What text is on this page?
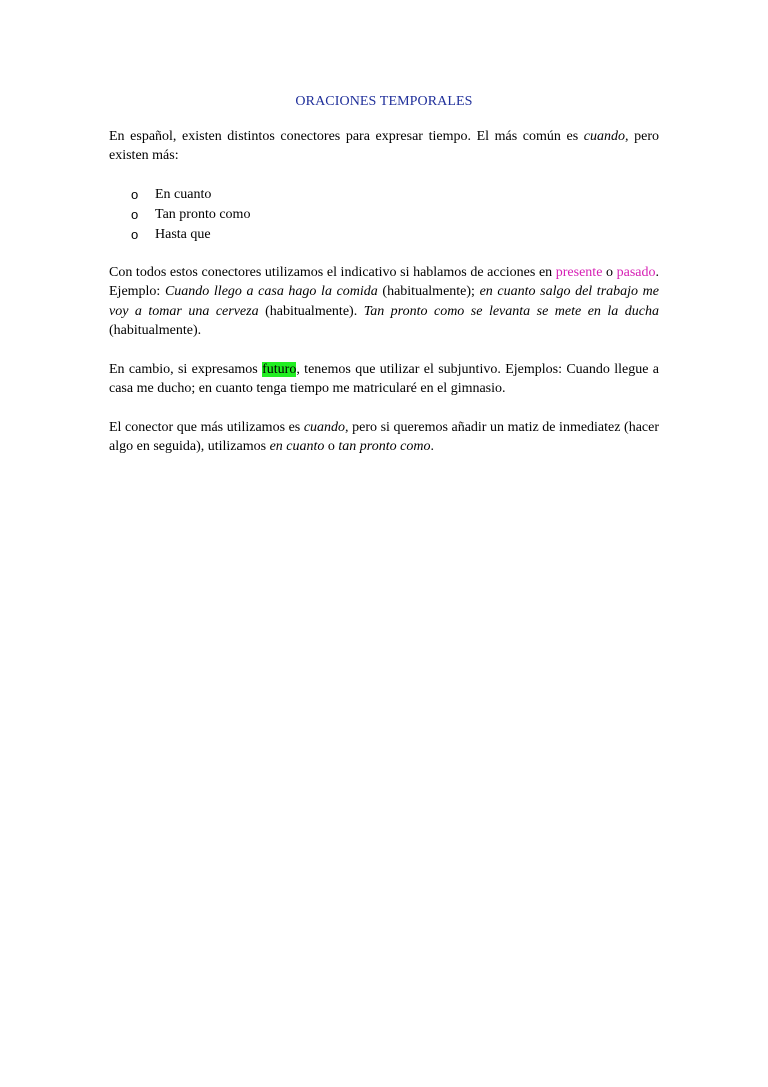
ORACIONES TEMPORALES

En español, existen distintos conectores para expresar tiempo. El más común es cuando, pero existen más:

o En cuanto
o Tan pronto como
o Hasta que

Con todos estos conectores utilizamos el indicativo si hablamos de acciones en presente o pasado. Ejemplo: Cuando llego a casa hago la comida (habitualmente); en cuanto salgo del trabajo me voy a tomar una cerveza (habitualmente). Tan pronto como se levanta se mete en la ducha (habitualmente).

En cambio, si expresamos futuro, tenemos que utilizar el subjuntivo. Ejemplos: Cuando llegue a casa me ducho; en cuanto tenga tiempo me matricularé en el gimnasio.

El conector que más utilizamos es cuando, pero si queremos añadir un matiz de inmediatez (hacer algo en seguida), utilizamos en cuanto o tan pronto como.
